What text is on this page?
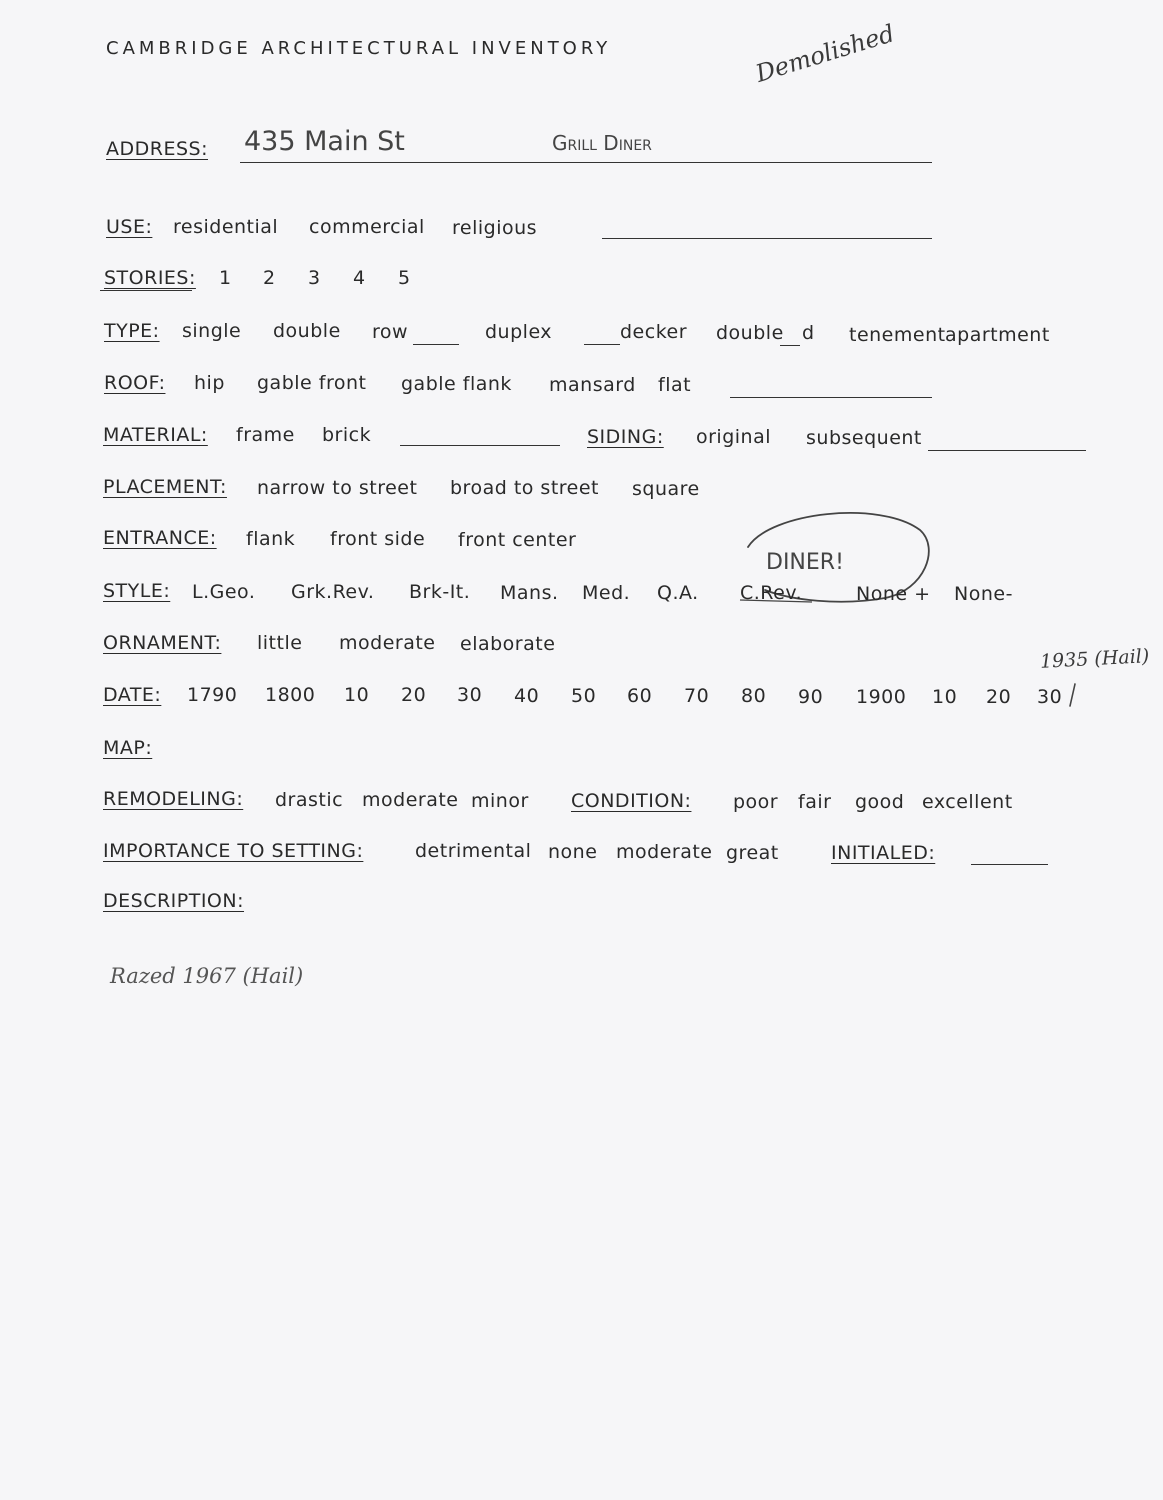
CAMBRIDGE ARCHITECTURAL INVENTORY	Demolished
ADDRESS: 435 Main St	Grill Diner
USE: residential commercial religious
STORIES: 1 2 3 4 5
TYPE: single double row	duplex	decker double d tenement apartment
ROOF: hip gable front gable flank mansard flat
MATERIAL: frame brick	SIDING: original subsequent
PLACEMENT: narrow to street broad to street square
ENTRANCE: flank front side front center
DINER!
STYLE: L.Geo. Grk.Rev. Brk-It. Mans. Med. Q.A. C.Rev.	None + None-
ORNAMENT: little moderate elaborate
1935 (Hail)
DATE: 1790 1800 10 20 30 40 50 60 70 80 90 1900 10 20 30
MAP:
REMODELING: drastic moderate minor CONDITION: poor fair good excellent
IMPORTANCE TO SETTING:	detrimental none moderate great	INITIALED:
DESCRIPTION:
Razed 1967 (Hail)
